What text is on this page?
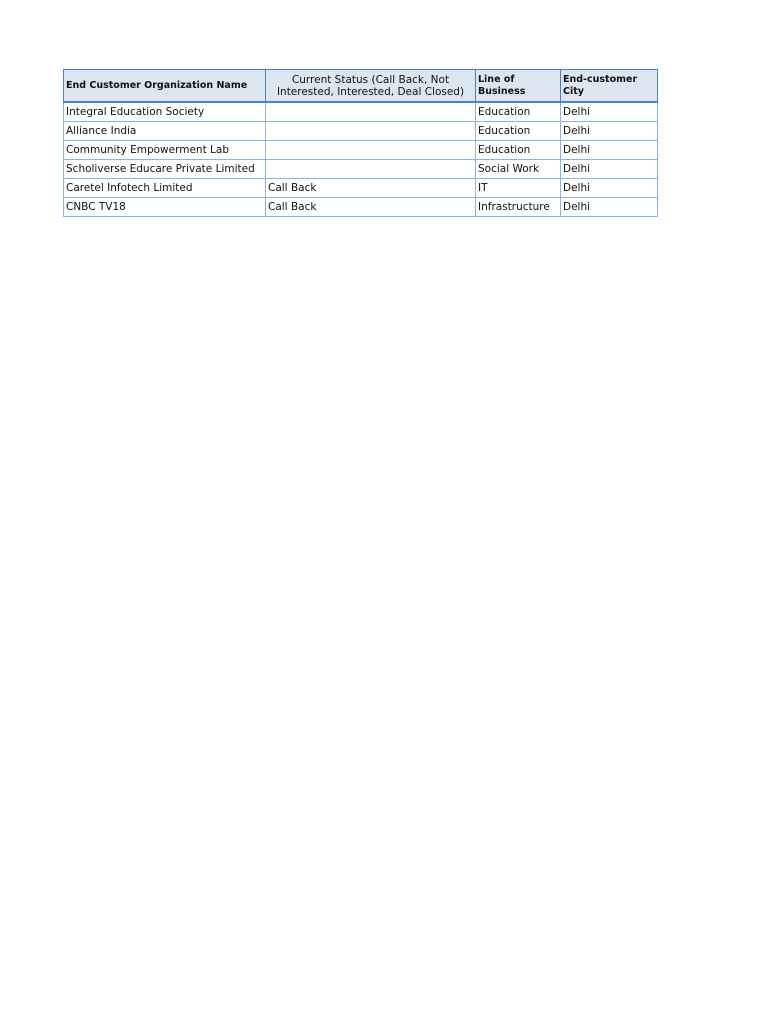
End Customer Organization Name	Current Status (Call Back, Not Interested, Interested, Deal Closed)	Line of Business	End-customer City
Integral Education Society		Education	Delhi
Alliance India		Education	Delhi
Community Empowerment Lab		Education	Delhi
Scholiverse Educare Private Limited		Social Work	Delhi
Caretel Infotech Limited	Call Back	IT	Delhi
CNBC TV18	Call Back	Infrastructure	Delhi
